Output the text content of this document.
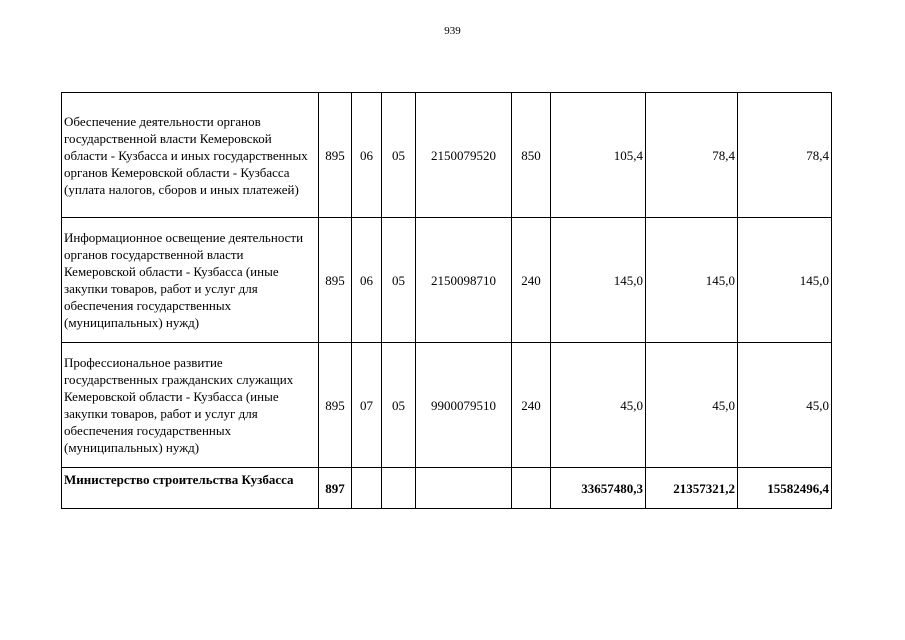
939
Обеспечение деятельности органов государственной власти Кемеровской области - Кузбасса и иных государственных органов Кемеровской области - Кузбасса (уплата налогов, сборов и иных платежей)	895	06	05	2150079520	850	105,4	78,4	78,4
Информационное освещение деятельности органов государственной власти Кемеровской области - Кузбасса (иные закупки товаров, работ и услуг для обеспечения государственных (муниципальных) нужд)	895	06	05	2150098710	240	145,0	145,0	145,0
Профессиональное развитие государственных гражданских служащих Кемеровской области - Кузбасса (иные закупки товаров, работ и услуг для обеспечения государственных (муниципальных) нужд)	895	07	05	9900079510	240	45,0	45,0	45,0
Министерство строительства Кузбасса	897					33657480,3	21357321,2	15582496,4
